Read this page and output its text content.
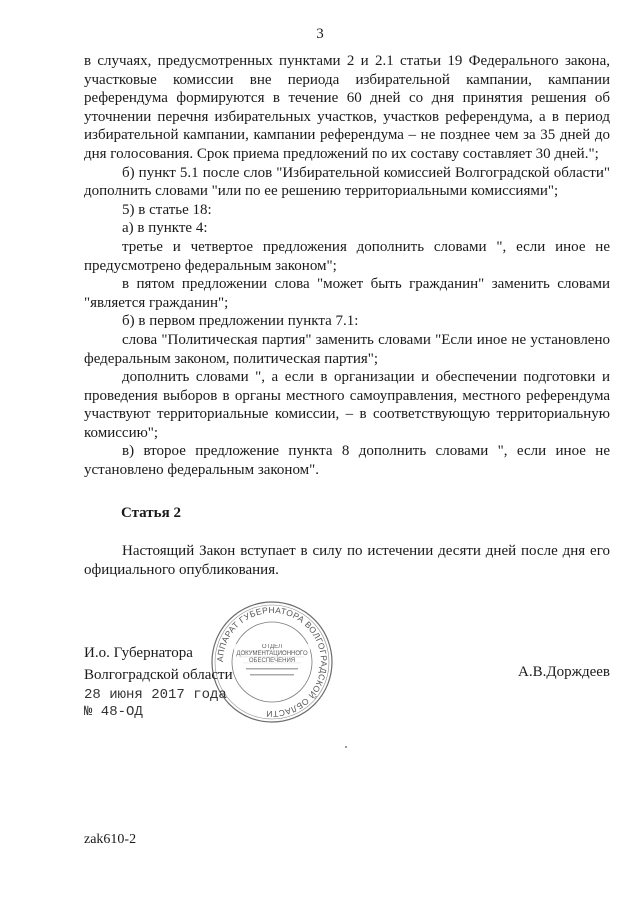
3

в случаях, предусмотренных пунктами 2 и 2.1 статьи 19 Федерального закона, участковые комиссии вне периода избирательной кампании, кампании референдума формируются в течение 60 дней со дня принятия решения об уточнении перечня избирательных участков, участков референдума, а в период избирательной кампании, кампании референдума – не позднее чем за 35 дней до дня голосования. Срок приема предложений по их составу составляет 30 дней.";

б) пункт 5.1 после слов "Избирательной комиссией Волгоградской области" дополнить словами "или по ее решению территориальными комиссиями";

5) в статье 18:

а) в пункте 4:

третье и четвертое предложения дополнить словами ", если иное не предусмотрено федеральным законом";

в пятом предложении слова "может быть гражданин" заменить словами "является гражданин";

б) в первом предложении пункта 7.1:

слова "Политическая партия" заменить словами "Если иное не установлено федеральным законом, политическая партия";

дополнить словами ", а если в организации и обеспечении подготовки и проведения выборов в органы местного самоуправления, местного референдума участвуют территориальные комиссии, – в соответствующую территориальную комиссию";

в) второе предложение пункта 8 дополнить словами ", если иное не установлено федеральным законом".

Статья 2

Настоящий Закон вступает в силу по истечении десяти дней после дня его официального опубликования.

АППАРАТ ГУБЕРНАТОРА ВОЛГОГРАДСКОЙ ОБЛАСТИ
ОТДЕЛ ДОКУМЕНТАЦИОННОГО ОБЕСПЕЧЕНИЯ
И.о. Губернатора
Волгоградской области	А.В.Дорждеев
28 июня 2017 года
№ 48-ОД
zak610-2
